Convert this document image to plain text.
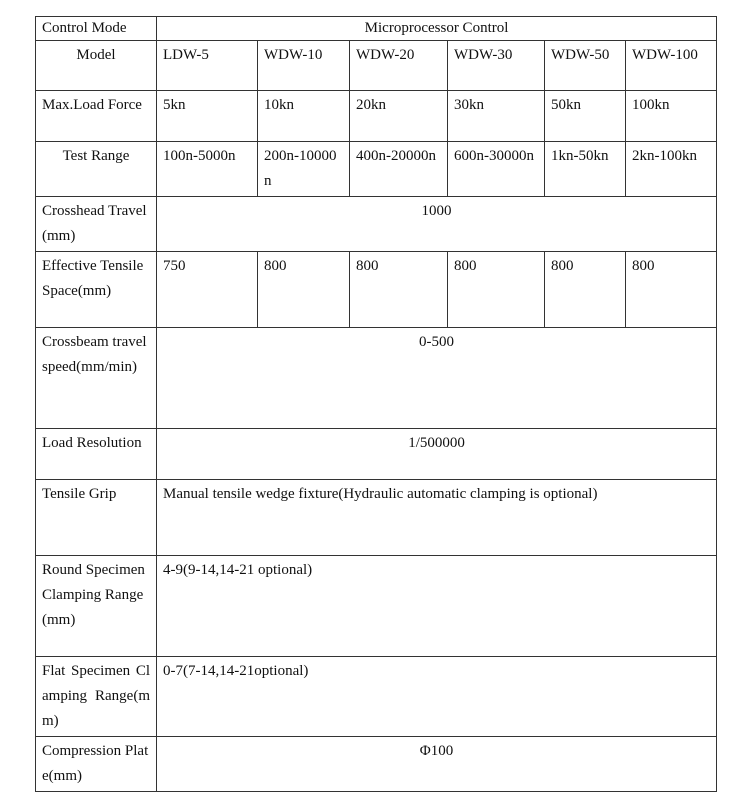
Control Mode	Microprocessor Control					
Model	LDW-5	WDW-10	WDW-20	WDW-30	WDW-50	WDW-100
Max.Load Force	5kn	10kn	20kn	30kn	50kn	100kn
Test Range	100n-5000n	200n-10000n	400n-20000n	600n-30000n	1kn-50kn	2kn-100kn
Crosshead Travel(mm)	1000					
Effective Tensile Space(mm)	750	800	800	800	800	800
Crossbeam travel speed(mm/min)	0-500					
Load Resolution	1/500000					
Tensile Grip	Manual tensile wedge fixture(Hydraulic automatic clamping is optional)					
Round Specimen Clamping Range(mm)	4-9(9-14,14-21 optional)					
Flat Specimen Clamping Range(mm)	0-7(7-14,14-21optional)					
Compression Plate(mm)	Φ100					
